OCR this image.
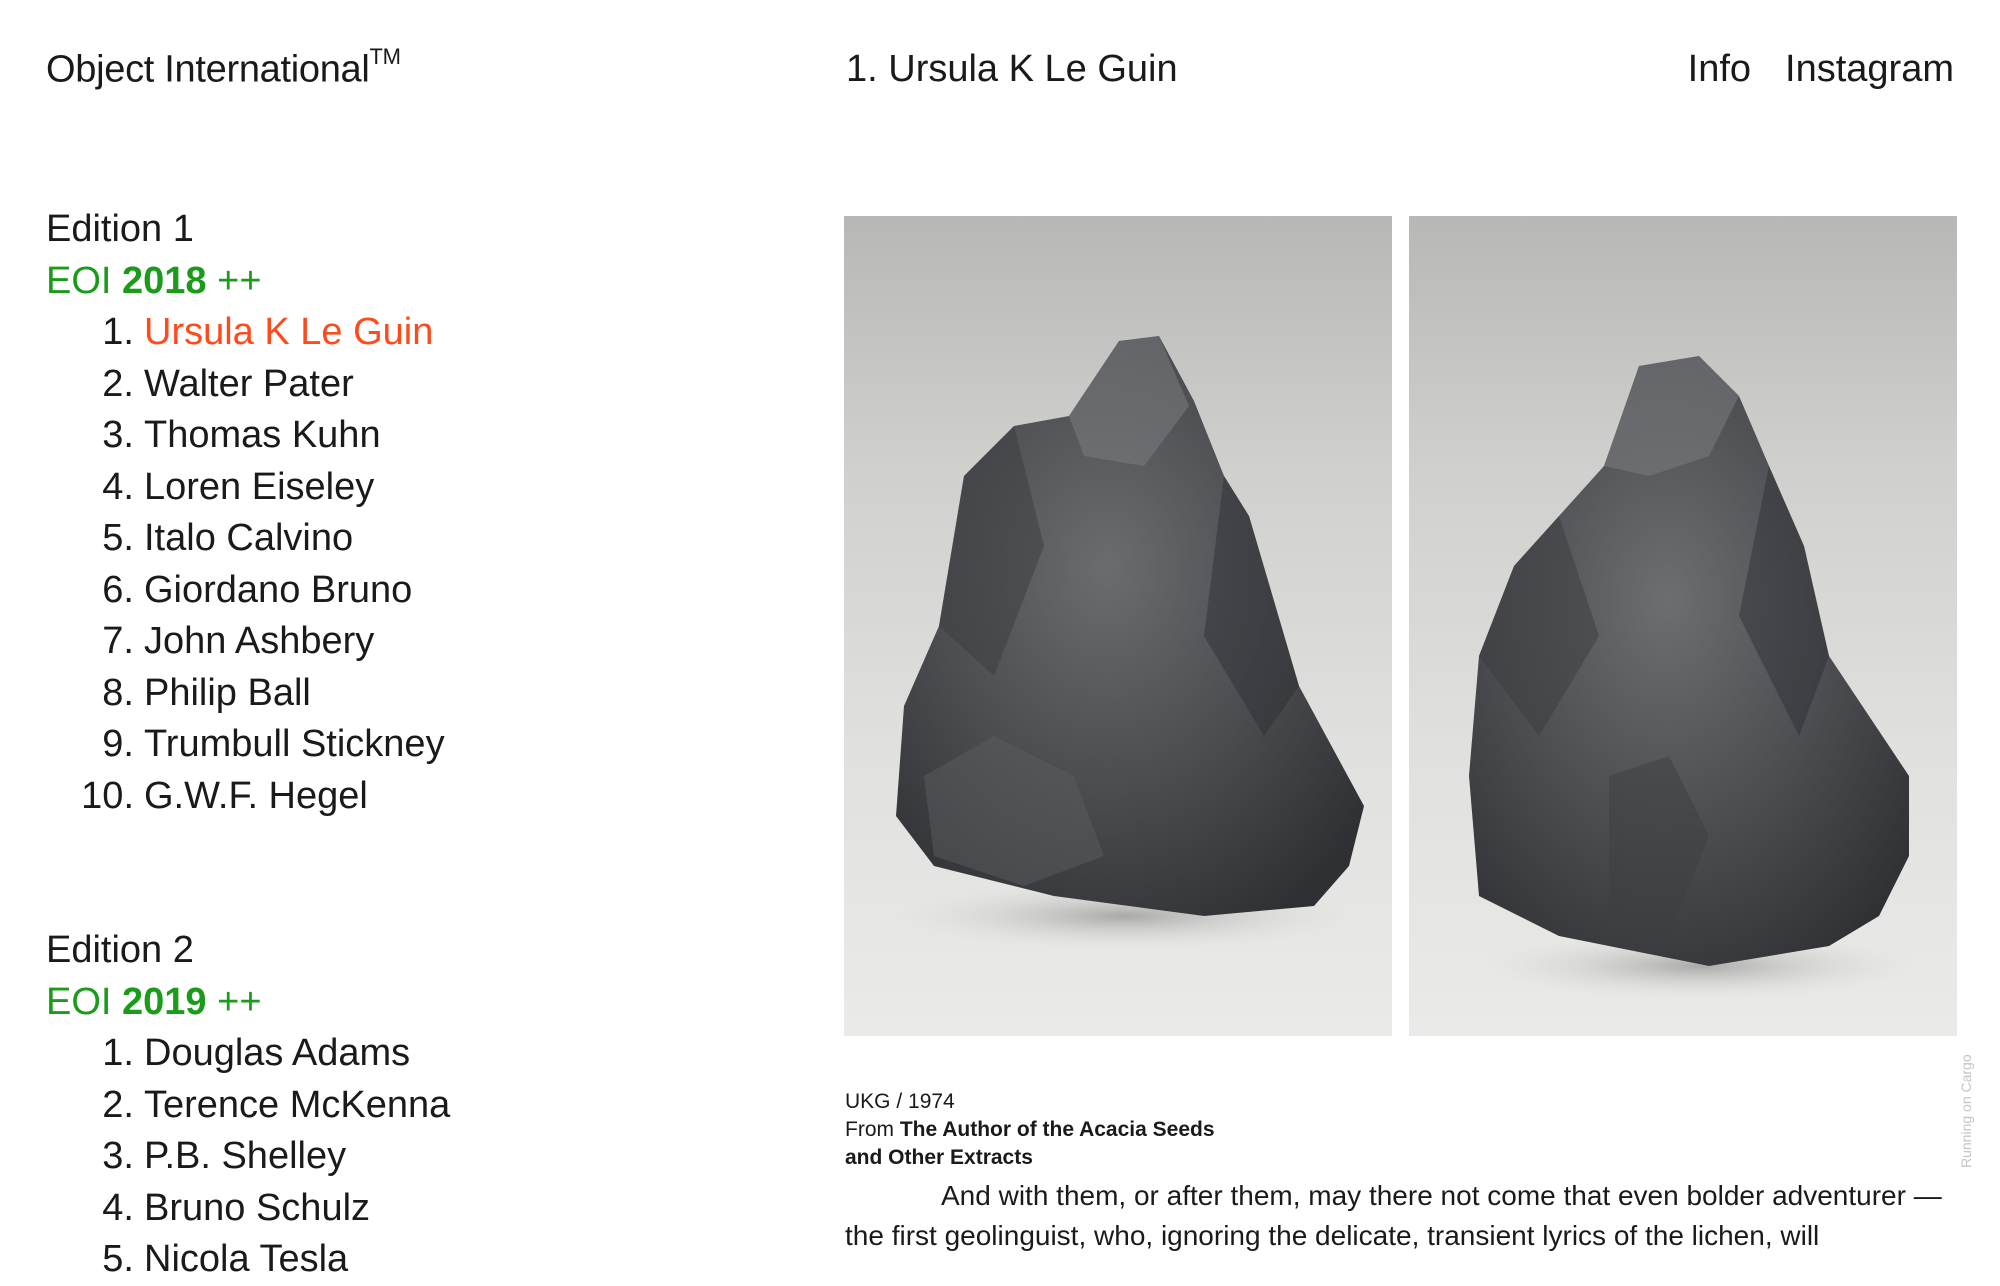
Object International™	1. Ursula K Le Guin	Info Instagram
Edition 1
EOI 2018 ++
1. Ursula K Le Guin
2. Walter Pater
3. Thomas Kuhn
4. Loren Eiseley
5. Italo Calvino
6. Giordano Bruno
7. John Ashbery
8. Philip Ball
9. Trumbull Stickney
10. G.W.F. Hegel
Edition 2
EOI 2019 ++
1. Douglas Adams
2. Terence McKenna
3. P.B. Shelley
4. Bruno Schulz
5. Nicola Tesla
UKG / 1974
From The Author of the Acacia Seeds
and Other Extracts

And with them, or after them, may there not come that even bolder adventurer — the first geolinguist, who, ignoring the delicate, transient lyrics of the lichen, will

Running on Cargo
